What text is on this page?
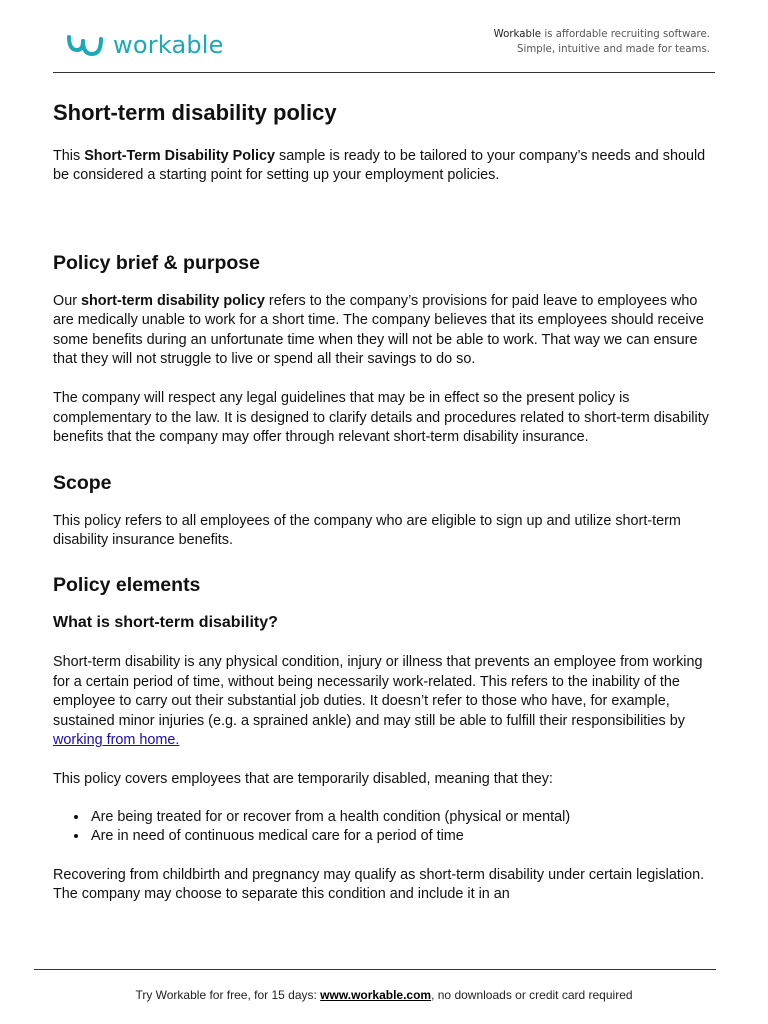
workable	Workable is affordable recruiting software.
Simple, intuitive and made for teams.
Short-term disability policy

This Short-Term Disability Policy sample is ready to be tailored to your company’s needs and should be considered a starting point for setting up your employment policies.

Policy brief & purpose

Our short-term disability policy refers to the company’s provisions for paid leave to employees who are medically unable to work for a short time. The company believes that its employees should receive some benefits during an unfortunate time when they will not be able to work. That way we can ensure that they will not struggle to live or spend all their savings to do so.

The company will respect any legal guidelines that may be in effect so the present policy is complementary to the law. It is designed to clarify details and procedures related to short-term disability benefits that the company may offer through relevant short-term disability insurance.

Scope

This policy refers to all employees of the company who are eligible to sign up and utilize short-term disability insurance benefits.

Policy elements
What is short-term disability?

Short-term disability is any physical condition, injury or illness that prevents an employee from working for a certain period of time, without being necessarily work-related. This refers to the inability of the employee to carry out their substantial job duties. It doesn’t refer to those who have, for example, sustained minor injuries (e.g. a sprained ankle) and may still be able to fulfill their responsibilities by working from home.

This policy covers employees that are temporarily disabled, meaning that they:

• Are being treated for or recover from a health condition (physical or mental)
• Are in need of continuous medical care for a period of time

Recovering from childbirth and pregnancy may qualify as short-term disability under certain legislation. The company may choose to separate this condition and include it in an

Try Workable for free, for 15 days: www.workable.com, no downloads or credit card required
